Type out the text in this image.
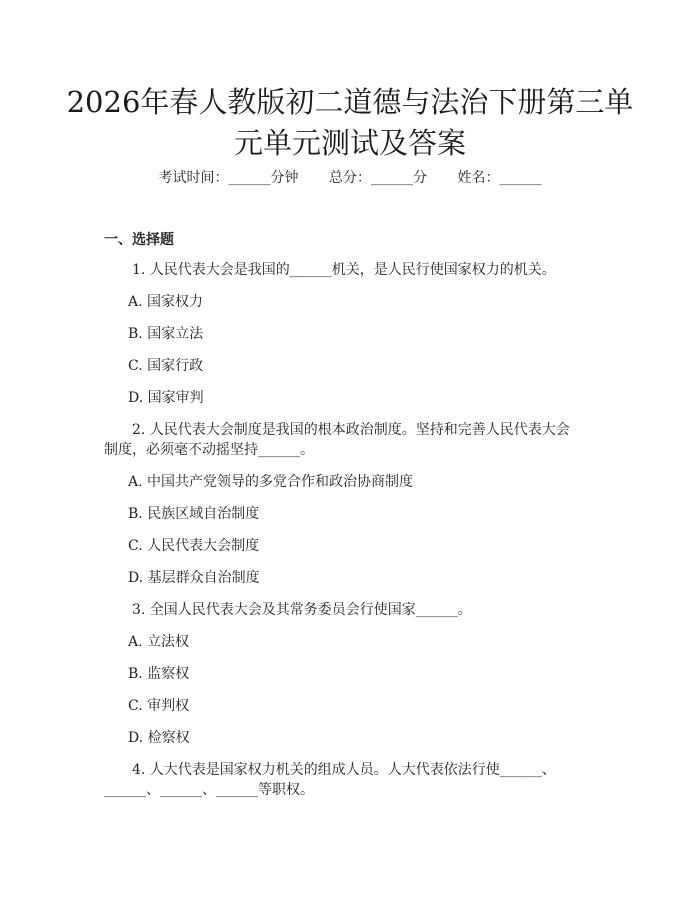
2026年春人教版初二道德与法治下册第三单
元单元测试及答案
考试时间：______分钟 总分：______分 姓名：______
一、选择题

1. 人民代表大会是我国的______机关，是人民行使国家权力的机关。

A. 国家权力
B. 国家立法
C. 国家行政
D. 国家审判

2. 人民代表大会制度是我国的根本政治制度。坚持和完善人民代表大会制度，必须毫不动摇坚持______。

A. 中国共产党领导的多党合作和政治协商制度
B. 民族区域自治制度
C. 人民代表大会制度
D. 基层群众自治制度

3. 全国人民代表大会及其常务委员会行使国家______。

A. 立法权
B. 监察权
C. 审判权
D. 检察权

4. 人大代表是国家权力机关的组成人员。人大代表依法行使______、______、______、______等职权。
